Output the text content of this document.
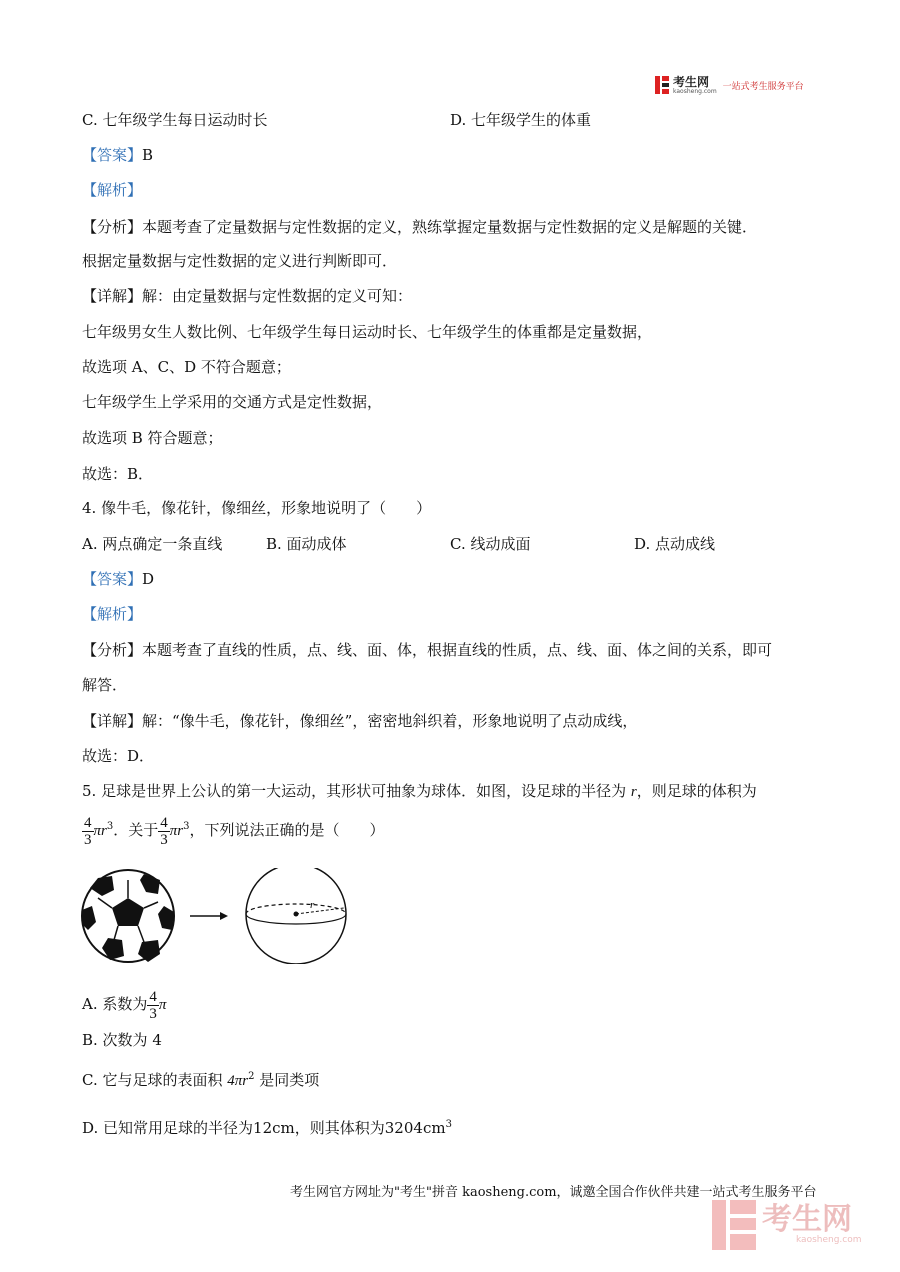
考生网
kaosheng.com 一站式考生服务平台
C. 七年级学生每日运动时长	D. 七年级学生的体重
【答案】B
【解析】
【分析】本题考查了定量数据与定性数据的定义，熟练掌握定量数据与定性数据的定义是解题的关键．
根据定量数据与定性数据的定义进行判断即可．
【详解】解：由定量数据与定性数据的定义可知：
七年级男女生人数比例、七年级学生每日运动时长、七年级学生的体重都是定量数据，
故选项 A、C、D 不符合题意；
七年级学生上学采用的交通方式是定性数据，
故选项 B 符合题意；
故选：B．
4. 像牛毛，像花针，像细丝，形象地说明了（　　）
A. 两点确定一条直线	B. 面动成体	C. 线动成面	D. 点动成线
【答案】D
【解析】
【分析】本题考查了直线的性质，点、线、面、体，根据直线的性质，点、线、面、体之间的关系，即可
解答．
【详解】解：“像牛毛，像花针，像细丝”，密密地斜织着，形象地说明了点动成线，
故选：D．
5. 足球是世界上公认的第一大运动，其形状可抽象为球体．如图，设足球的半径为 r，则足球的体积为
$\frac{4}{3} \pi r^3$．关于 $\frac{4}{3} \pi r^3$，下列说法正确的是（　　）
r
A. 系数为 $\frac{4}{3}$ π
B. 次数为 4
C. 它与足球的表面积 $4\pi r^2$ 是同类项
D. 已知常用足球的半径为12cm，则其体积为$3204cm^3$
考生网官方网址为"考生"拼音 kaosheng.com，诚邀全国合作伙伴共建一站式考生服务平台
考生网
kaosheng.com
